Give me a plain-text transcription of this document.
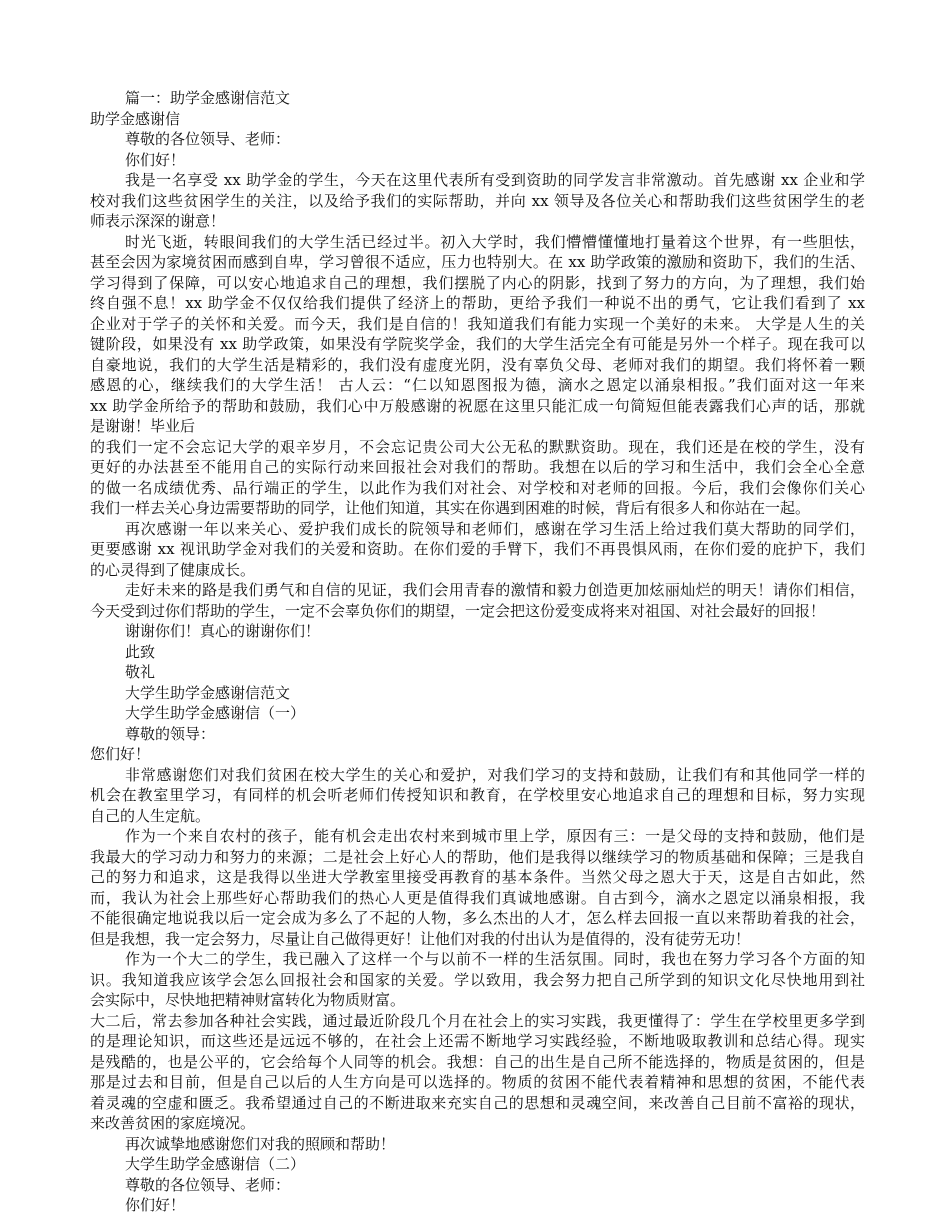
篇一：助学金感谢信范文
助学金感谢信
尊敬的各位领导、老师：
你们好！
我是一名享受 xx 助学金的学生，今天在这里代表所有受到资助的同学发言非常激动。首先感谢 xx 企业和学
校对我们这些贫困学生的关注，以及给予我们的实际帮助，并向 xx 领导及各位关心和帮助我们这些贫困学生的老
师表示深深的谢意！
时光飞逝，转眼间我们的大学生活已经过半。初入大学时，我们懵懵懂懂地打量着这个世界，有一些胆怯，
甚至会因为家境贫困而感到自卑，学习曾很不适应，压力也特别大。在 xx 助学政策的激励和资助下，我们的生活、
学习得到了保障，可以安心地追求自己的理想，我们摆脱了内心的阴影，找到了努力的方向，为了理想，我们始
终自强不息！xx 助学金不仅仅给我们提供了经济上的帮助，更给予我们一种说不出的勇气，它让我们看到了 xx
企业对于学子的关怀和关爱。而今天，我们是自信的！我知道我们有能力实现一个美好的未来。 大学是人生的关
键阶段，如果没有 xx 助学政策，如果没有学院奖学金，我们的大学生活完全有可能是另外一个样子。现在我可以
自豪地说，我们的大学生活是精彩的，我们没有虚度光阴，没有辜负父母、老师对我们的期望。我们将怀着一颗
感恩的心，继续我们的大学生活！ 古人云：“仁以知恩图报为德，滴水之恩定以涌泉相报。”我们面对这一年来
xx 助学金所给予的帮助和鼓励，我们心中万般感谢的祝愿在这里只能汇成一句简短但能表露我们心声的话，那就
是谢谢！毕业后
的我们一定不会忘记大学的艰辛岁月，不会忘记贵公司大公无私的默默资助。现在，我们还是在校的学生，没有
更好的办法甚至不能用自己的实际行动来回报社会对我们的帮助。我想在以后的学习和生活中，我们会全心全意
的做一名成绩优秀、品行端正的学生，以此作为我们对社会、对学校和对老师的回报。今后，我们会像你们关心
我们一样去关心身边需要帮助的同学，让他们知道，其实在你遇到困难的时候，背后有很多人和你站在一起。
再次感谢一年以来关心、爱护我们成长的院领导和老师们，感谢在学习生活上给过我们莫大帮助的同学们，
更要感谢 xx 视讯助学金对我们的关爱和资助。在你们爱的手臂下，我们不再畏惧风雨，在你们爱的庇护下，我们
的心灵得到了健康成长。
走好未来的路是我们勇气和自信的见证，我们会用青春的激情和毅力创造更加炫丽灿烂的明天！请你们相信，
今天受到过你们帮助的学生，一定不会辜负你们的期望，一定会把这份爱变成将来对祖国、对社会最好的回报！
谢谢你们！真心的谢谢你们！
此致
敬礼
大学生助学金感谢信范文
大学生助学金感谢信（一）
尊敬的领导：
您们好！
非常感谢您们对我们贫困在校大学生的关心和爱护，对我们学习的支持和鼓励，让我们有和其他同学一样的
机会在教室里学习，有同样的机会听老师们传授知识和教育，在学校里安心地追求自己的理想和目标，努力实现
自己的人生定航。
作为一个来自农村的孩子，能有机会走出农村来到城市里上学，原因有三：一是父母的支持和鼓励，他们是
我最大的学习动力和努力的来源；二是社会上好心人的帮助，他们是我得以继续学习的物质基础和保障；三是我自
己的努力和追求，这是我得以坐进大学教室里接受再教育的基本条件。当然父母之恩大于天，这是自古如此，然
而，我认为社会上那些好心帮助我们的热心人更是值得我们真诚地感谢。自古到今，滴水之恩定以涌泉相报，我
不能很确定地说我以后一定会成为多么了不起的人物，多么杰出的人才，怎么样去回报一直以来帮助着我的社会，
但是我想，我一定会努力，尽量让自己做得更好！让他们对我的付出认为是值得的，没有徒劳无功！
作为一个大二的学生，我已融入了这样一个与以前不一样的生活氛围。同时，我也在努力学习各个方面的知
识。我知道我应该学会怎么回报社会和国家的关爱。学以致用，我会努力把自己所学到的知识文化尽快地用到社
会实际中，尽快地把精神财富转化为物质财富。
大二后，常去参加各种社会实践，通过最近阶段几个月在社会上的实习实践，我更懂得了：学生在学校里更多学到
的是理论知识，而这些还是远远不够的，在社会上还需不断地学习实践经验，不断地吸取教训和总结心得。现实
是残酷的，也是公平的，它会给每个人同等的机会。我想：自己的出生是自己所不能选择的，物质是贫困的，但是
那是过去和目前，但是自己以后的人生方向是可以选择的。物质的贫困不能代表着精神和思想的贫困，不能代表
着灵魂的空虚和匮乏。我希望通过自己的不断进取来充实自己的思想和灵魂空间，来改善自己目前不富裕的现状，
来改善贫困的家庭境况。
再次诚挚地感谢您们对我的照顾和帮助！
大学生助学金感谢信（二）
尊敬的各位领导、老师：
你们好！
